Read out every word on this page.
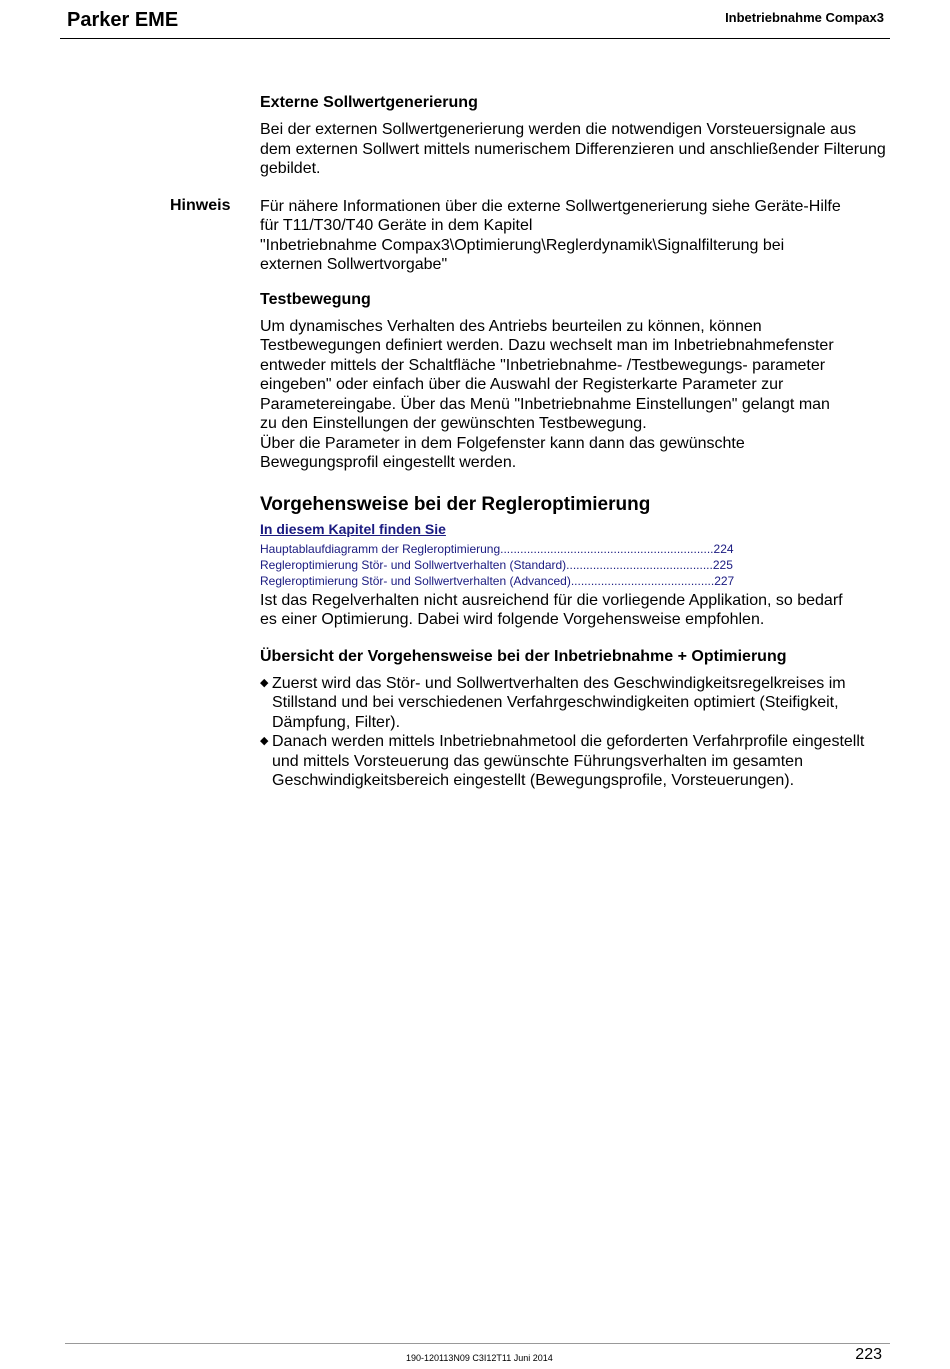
Parker EME	Inbetriebnahme Compax3
Externe Sollwertgenerierung

Bei der externen Sollwertgenerierung werden die notwendigen Vorsteuersignale aus dem externen Sollwert mittels numerischem Differenzieren und anschließender Filterung gebildet.

Hinweis Für nähere Informationen über die externe Sollwertgenerierung siehe Geräte-Hilfe
für T11/T30/T40 Geräte in dem Kapitel
"Inbetriebnahme Compax3\Optimierung\Reglerdynamik\Signalfilterung bei
externen Sollwertvorgabe"
Testbewegung
Um dynamisches Verhalten des Antriebs beurteilen zu können, können
Testbewegungen definiert werden. Dazu wechselt man im Inbetriebnahmefenster
entweder mittels der Schaltfläche "Inbetriebnahme- /Testbewegungs- parameter
eingeben" oder einfach über die Auswahl der Registerkarte Parameter zur
Parametereingabe. Über das Menü "Inbetriebnahme Einstellungen" gelangt man
zu den Einstellungen der gewünschten Testbewegung.
Über die Parameter in dem Folgefenster kann dann das gewünschte
Bewegungsprofil eingestellt werden.
Vorgehensweise bei der Regleroptimierung
In diesem Kapitel finden Sie
Hauptablaufdiagramm der Regleroptimierung ................................................................ 224
Regleroptimierung Stör- und Sollwertverhalten (Standard) ............................................ 225
Regleroptimierung Stör- und Sollwertverhalten (Advanced) ........................................... 227
Ist das Regelverhalten nicht ausreichend für die vorliegende Applikation, so bedarf
es einer Optimierung. Dabei wird folgende Vorgehensweise empfohlen.
Übersicht der Vorgehensweise bei der Inbetriebnahme + Optimierung
◆ Zuerst wird das Stör- und Sollwertverhalten des Geschwindigkeitsregelkreises im Stillstand und bei verschiedenen Verfahrgeschwindigkeiten optimiert (Steifigkeit, Dämpfung, Filter).
◆ Danach werden mittels Inbetriebnahmetool die geforderten Verfahrprofile eingestellt und mittels Vorsteuerung das gewünschte Führungsverhalten im gesamten Geschwindigkeitsbereich eingestellt (Bewegungsprofile, Vorsteuerungen).
190-120113N09 C3I12T11 Juni 2014	223
